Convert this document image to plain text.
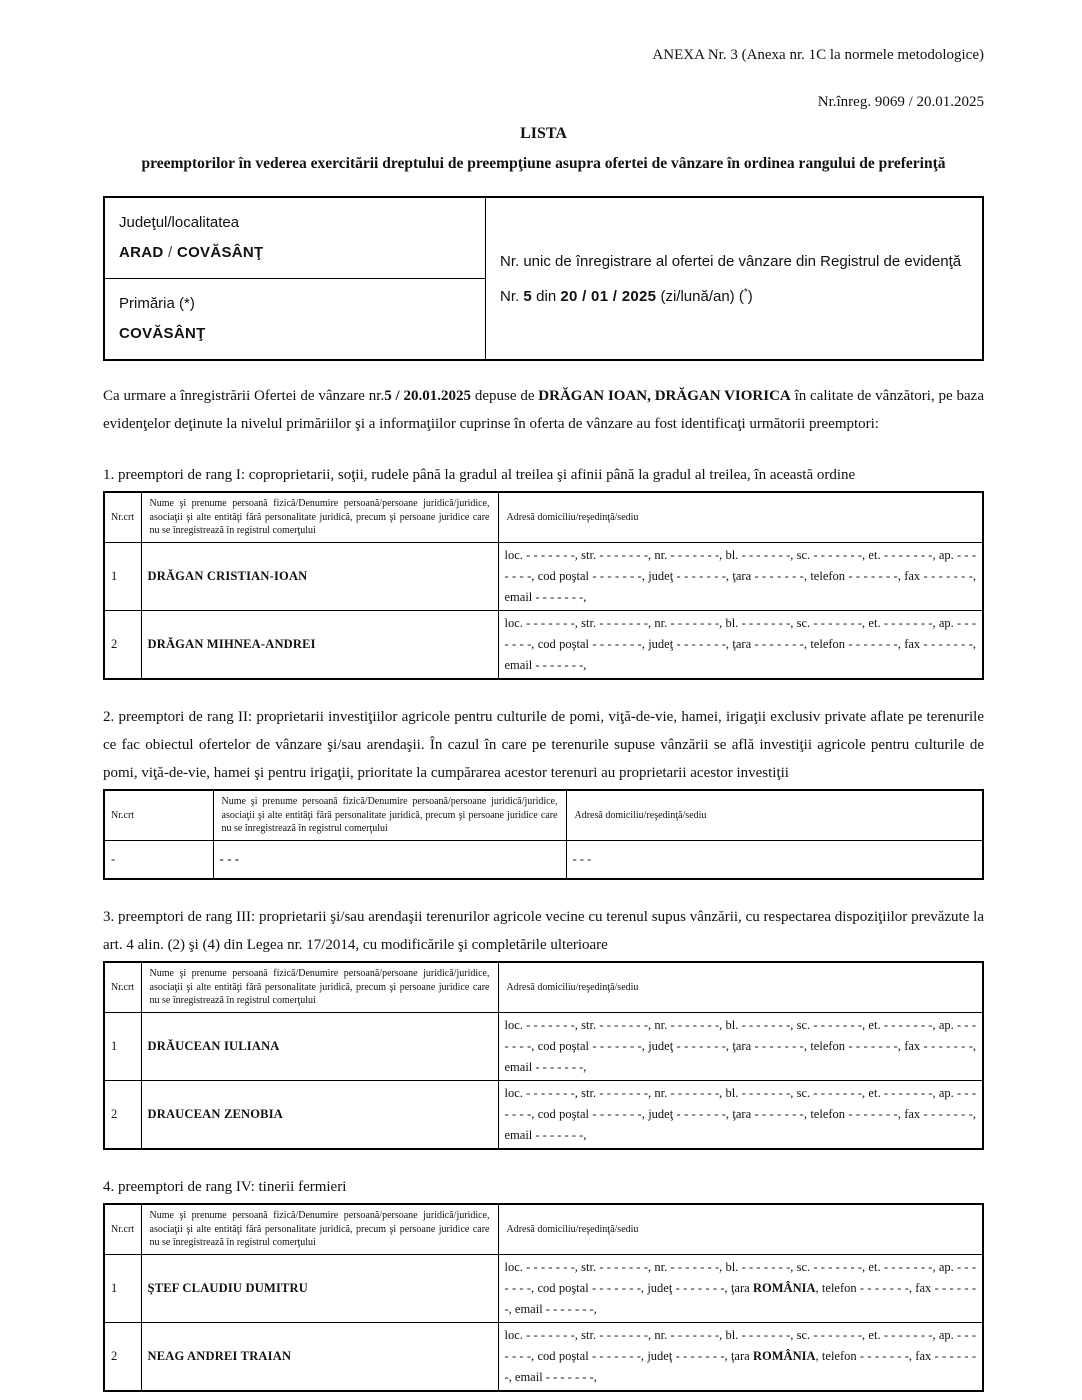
ANEXA Nr. 3 (Anexa nr. 1C la normele metodologice)
Nr.înreg. 9069 / 20.01.2025
LISTA
preemptorilor în vederea exercitării dreptului de preempţiune asupra ofertei de vânzare în ordinea rangului de preferinţă
Judeţul/localitatea
ARAD / COVĂSÂNŢ	Nr. unic de înregistrare al ofertei de vânzare din Registrul de evidenţă

Nr. 5 din 20 / 01 / 2025 (zi/lună/an) (*)

Primăria (*)
COVĂSÂNŢ

Ca urmare a înregistrării Ofertei de vânzare nr.5 / 20.01.2025 depuse de DRĂGAN IOAN, DRĂGAN VIORICA în calitate de vânzători, pe baza evidenţelor deţinute la nivelul primăriilor şi a informaţiilor cuprinse în oferta de vânzare au fost identificaţi următorii preemptori:

1. preemptori de rang I: coproprietarii, soţii, rudele până la gradul al treilea şi afinii până la gradul al treilea, în această ordine

Nr.crt	Nume şi prenume persoană fizică/Denumire persoană/persoane juridică/juridice, asociaţii şi alte entităţi fără personalitate juridică, precum şi persoane juridice care nu se înregistrează în registrul comerţului	Adresă domiciliu/reşedinţă/sediu
1	DRĂGAN CRISTIAN-IOAN	loc. - - - - - - -, str. - - - - - - -, nr. - - - - - - -, bl. - - - - - - -, sc. - - - - - - -, et. - - - - - - -, ap. - - - - - - -, cod poştal - - - - - - -, judeţ - - - - - - -, ţara - - - - - - -, telefon - - - - - - -, fax - - - - - - -, email - - - - - - -,
2	DRĂGAN MIHNEA-ANDREI	loc. - - - - - - -, str. - - - - - - -, nr. - - - - - - -, bl. - - - - - - -, sc. - - - - - - -, et. - - - - - - -, ap. - - - - - - -, cod poştal - - - - - - -, judeţ - - - - - - -, ţara - - - - - - -, telefon - - - - - - -, fax - - - - - - -, email - - - - - - -,

2. preemptori de rang II: proprietarii investiţiilor agricole pentru culturile de pomi, viţă-de-vie, hamei, irigaţii exclusiv private aflate pe terenurile ce fac obiectul ofertelor de vânzare şi/sau arendaşii. În cazul în care pe terenurile supuse vânzării se află investiţii agricole pentru culturile de pomi, viţă-de-vie, hamei şi pentru irigaţii, prioritate la cumpărarea acestor terenuri au proprietarii acestor investiţii

Nr.crt	Nume şi prenume persoană fizică/Denumire persoană/persoane juridică/juridice, asociaţii şi alte entităţi fără personalitate juridică, precum şi persoane juridice care nu se înregistrează în registrul comerţului	Adresă domiciliu/reşedinţă/sediu
-	- - -	- - -

3. preemptori de rang III: proprietarii şi/sau arendaşii terenurilor agricole vecine cu terenul supus vânzării, cu respectarea dispoziţiilor prevăzute la art. 4 alin. (2) şi (4) din Legea nr. 17/2014, cu modificările şi completările ulterioare

Nr.crt	Nume şi prenume persoană fizică/Denumire persoană/persoane juridică/juridice, asociaţii şi alte entităţi fără personalitate juridică, precum şi persoane juridice care nu se înregistrează în registrul comerţului	Adresă domiciliu/reşedinţă/sediu
1	DRĂUCEAN IULIANA	loc. - - - - - - -, str. - - - - - - -, nr. - - - - - - -, bl. - - - - - - -, sc. - - - - - - -, et. - - - - - - -, ap. - - - - - - -, cod poştal - - - - - - -, judeţ - - - - - - -, ţara - - - - - - -, telefon - - - - - - -, fax - - - - - - -, email - - - - - - -,
2	DRAUCEAN ZENOBIA	loc. - - - - - - -, str. - - - - - - -, nr. - - - - - - -, bl. - - - - - - -, sc. - - - - - - -, et. - - - - - - -, ap. - - - - - - -, cod poştal - - - - - - -, judeţ - - - - - - -, ţara - - - - - - -, telefon - - - - - - -, fax - - - - - - -, email - - - - - - -,

4. preemptori de rang IV: tinerii fermieri

Nr.crt	Nume şi prenume persoană fizică/Denumire persoană/persoane juridică/juridice, asociaţii şi alte entităţi fără personalitate juridică, precum şi persoane juridice care nu se înregistrează în registrul comerţului	Adresă domiciliu/reşedinţă/sediu
1	ŞTEF CLAUDIU DUMITRU	loc. - - - - - - -, str. - - - - - - -, nr. - - - - - - -, bl. - - - - - - -, sc. - - - - - - -, et. - - - - - - -, ap. - - - - - - -, cod poştal - - - - - - -, judeţ - - - - - - -, ţara ROMÂNIA, telefon - - - - - - -, fax - - - - - - -, email - - - - - - -,
2	NEAG ANDREI TRAIAN	loc. - - - - - - -, str. - - - - - - -, nr. - - - - - - -, bl. - - - - - - -, sc. - - - - - - -, et. - - - - - - -, ap. - - - - - - -, cod poştal - - - - - - -, judeţ - - - - - - -, ţara ROMÂNIA, telefon - - - - - - -, fax - - - - - - -, email - - - - - - -,
